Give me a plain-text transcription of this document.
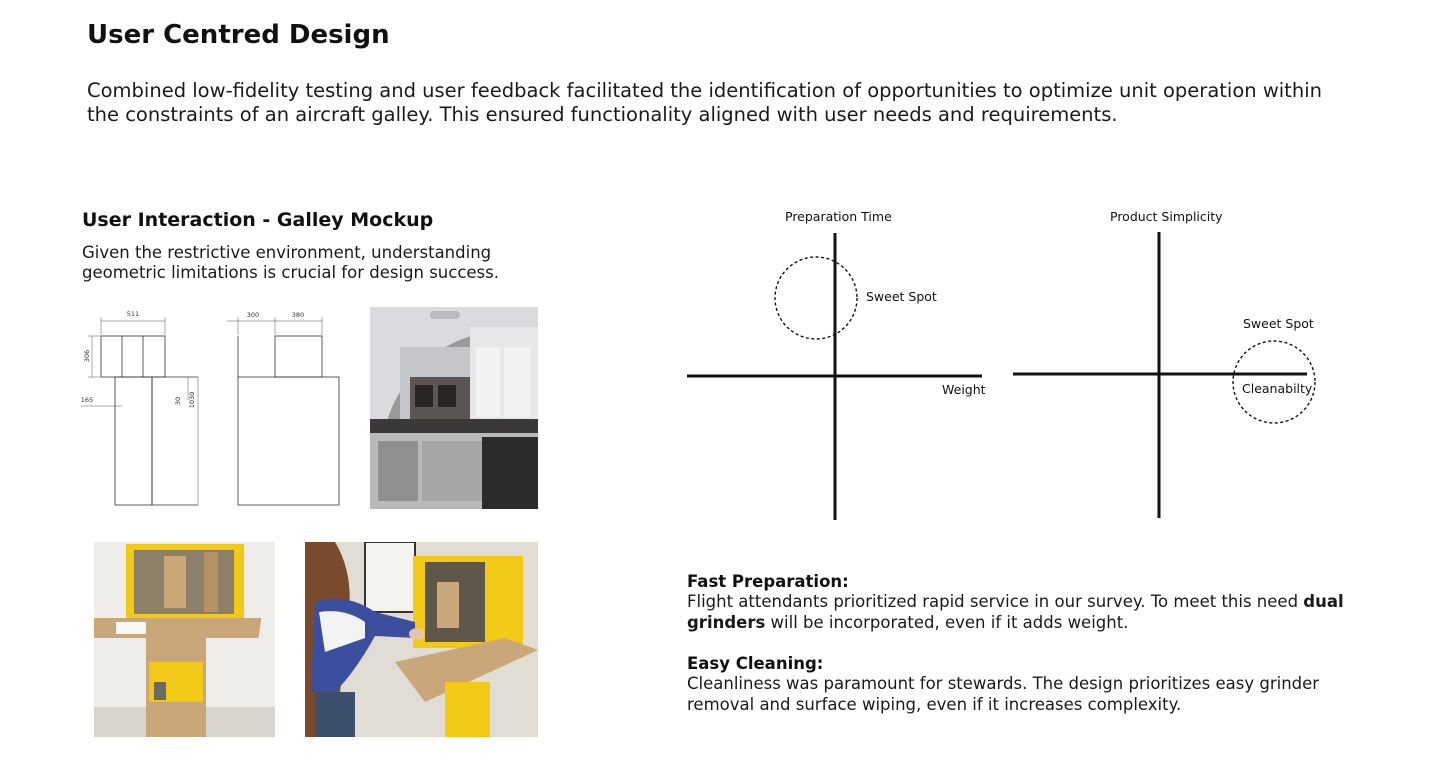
User Centred Design
Combined low-fidelity testing and user feedback facilitated the identification of opportunities to optimize unit operation within the constraints of an aircraft galley. This ensured functionality aligned with user needs and requirements.
User Interaction - Galley Mockup
Given the restrictive environment, understanding geometric limitations is crucial for design success.
511
306
165	30 1030
300	380
Preparation Time
Sweet Spot
Weight
Product Simplicity
Sweet Spot
Cleanabilty
Fast Preparation:
Flight attendants prioritized rapid service in our survey. To meet this need dual grinders will be incorporated, even if it adds weight.
Easy Cleaning:
Cleanliness was paramount for stewards. The design prioritizes easy grinder removal and surface wiping, even if it increases complexity.
